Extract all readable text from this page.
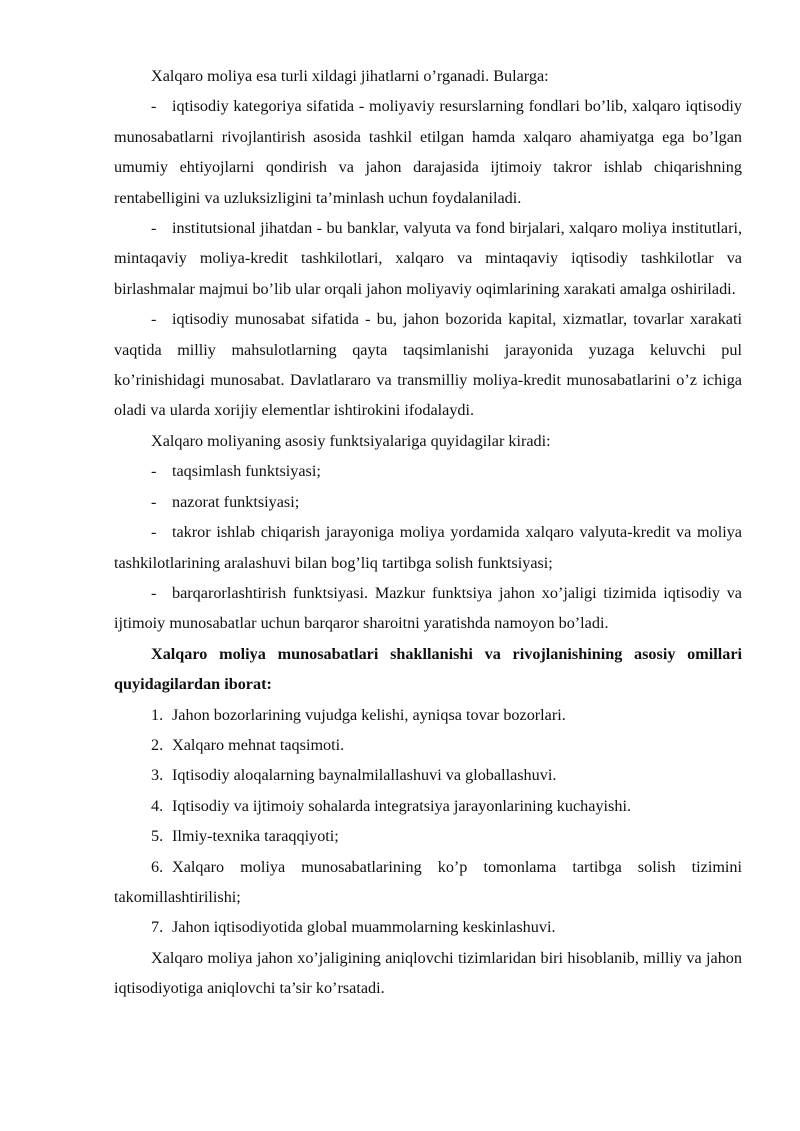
Xalqaro moliya esa turli xildagi jihatlarni o’rganadi. Bularga:

- iqtisodiy kategoriya sifatida - moliyaviy resurslarning fondlari bo’lib, xalqaro iqtisodiy munosabatlarni rivojlantirish asosida tashkil etilgan hamda xalqaro ahamiyatga ega bo’lgan umumiy ehtiyojlarni qondirish va jahon darajasida ijtimoiy takror ishlab chiqarishning rentabelligini va uzluksizligini ta’minlash uchun foydalaniladi.

- institutsional jihatdan - bu banklar, valyuta va fond birjalari, xalqaro moliya institutlari, mintaqaviy moliya-kredit tashkilotlari, xalqaro va mintaqaviy iqtisodiy tashkilotlar va birlashmalar majmui bo’lib ular orqali jahon moliyaviy oqimlarining xarakati amalga oshiriladi.

- iqtisodiy munosabat sifatida - bu, jahon bozorida kapital, xizmatlar, tovarlar xarakati vaqtida milliy mahsulotlarning qayta taqsimlanishi jarayonida yuzaga keluvchi pul ko’rinishidagi munosabat. Davlatlararo va transmilliy moliya-kredit munosabatlarini o’z ichiga oladi va ularda xorijiy elementlar ishtirokini ifodalaydi.

Xalqaro moliyaning asosiy funktsiyalariga quyidagilar kiradi:

- taqsimlash funktsiyasi;

- nazorat funktsiyasi;

- takror ishlab chiqarish jarayoniga moliya yordamida xalqaro valyuta-kredit va moliya tashkilotlarining aralashuvi bilan bog’liq tartibga solish funktsiyasi;

- barqarorlashtirish funktsiyasi. Mazkur funktsiya jahon xo’jaligi tizimida iqtisodiy va ijtimoiy munosabatlar uchun barqaror sharoitni yaratishda namoyon bo’ladi.

Xalqaro moliya munosabatlari shakllanishi va rivojlanishining asosiy omillari quyidagilardan iborat:

1. Jahon bozorlarining vujudga kelishi, ayniqsa tovar bozorlari.

2. Xalqaro mehnat taqsimoti.

3. Iqtisodiy aloqalarning baynalmilallashuvi va globallashuvi.

4. Iqtisodiy va ijtimoiy sohalarda integratsiya jarayonlarining kuchayishi.

5. Ilmiy-texnika taraqqiyoti;

6. Xalqaro moliya munosabatlarining ko’p tomonlama tartibga solish tizimini takomillashtirilishi;

7. Jahon iqtisodiyotida global muammolarning keskinlashuvi.

Xalqaro moliya jahon xo’jaligining aniqlovchi tizimlaridan biri hisoblanib, milliy va jahon iqtisodiyotiga aniqlovchi ta’sir ko’rsatadi.
